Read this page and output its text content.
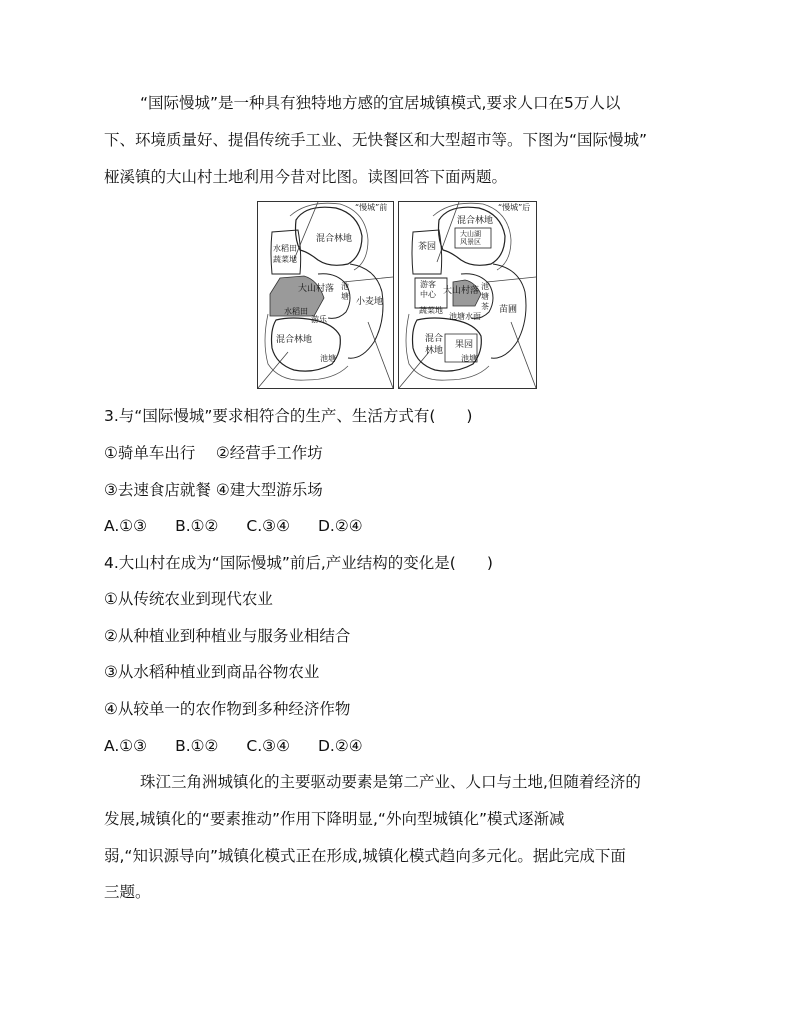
“国际慢城”是一种具有独特地方感的宜居城镇模式,要求人口在5万人以
下、环境质量好、提倡传统手工业、无快餐区和大型超市等。下图为“国际慢城”
桠溪镇的大山村土地利用今昔对比图。读图回答下面两题。
“慢城”前
混合林地
水稻田
蔬菜地
大山村落 池
塘
小麦地
水稻田
游乐
混合林地
池塘
“慢城”后
混合林地
大山湖
风景区
茶园
游客
中心 大山村落 池
塘
茶 苗圃
蔬菜地
池塘水面
混合
林地
果园
池塘
3.与“国际慢城”要求相符合的生产、生活方式有(　　)
①骑单车出行　 ②经营手工作坊
③去速食店就餐 ④建大型游乐场
A.①③ B.①② C.③④ D.②④
4.大山村在成为“国际慢城”前后,产业结构的变化是(　　)
①从传统农业到现代农业
②从种植业到种植业与服务业相结合
③从水稻种植业到商品谷物农业
④从较单一的农作物到多种经济作物
A.①③ B.①② C.③④ D.②④
珠江三角洲城镇化的主要驱动要素是第二产业、人口与土地,但随着经济的
发展,城镇化的“要素推动”作用下降明显,“外向型城镇化”模式逐渐减
弱,“知识源导向”城镇化模式正在形成,城镇化模式趋向多元化。据此完成下面
三题。
